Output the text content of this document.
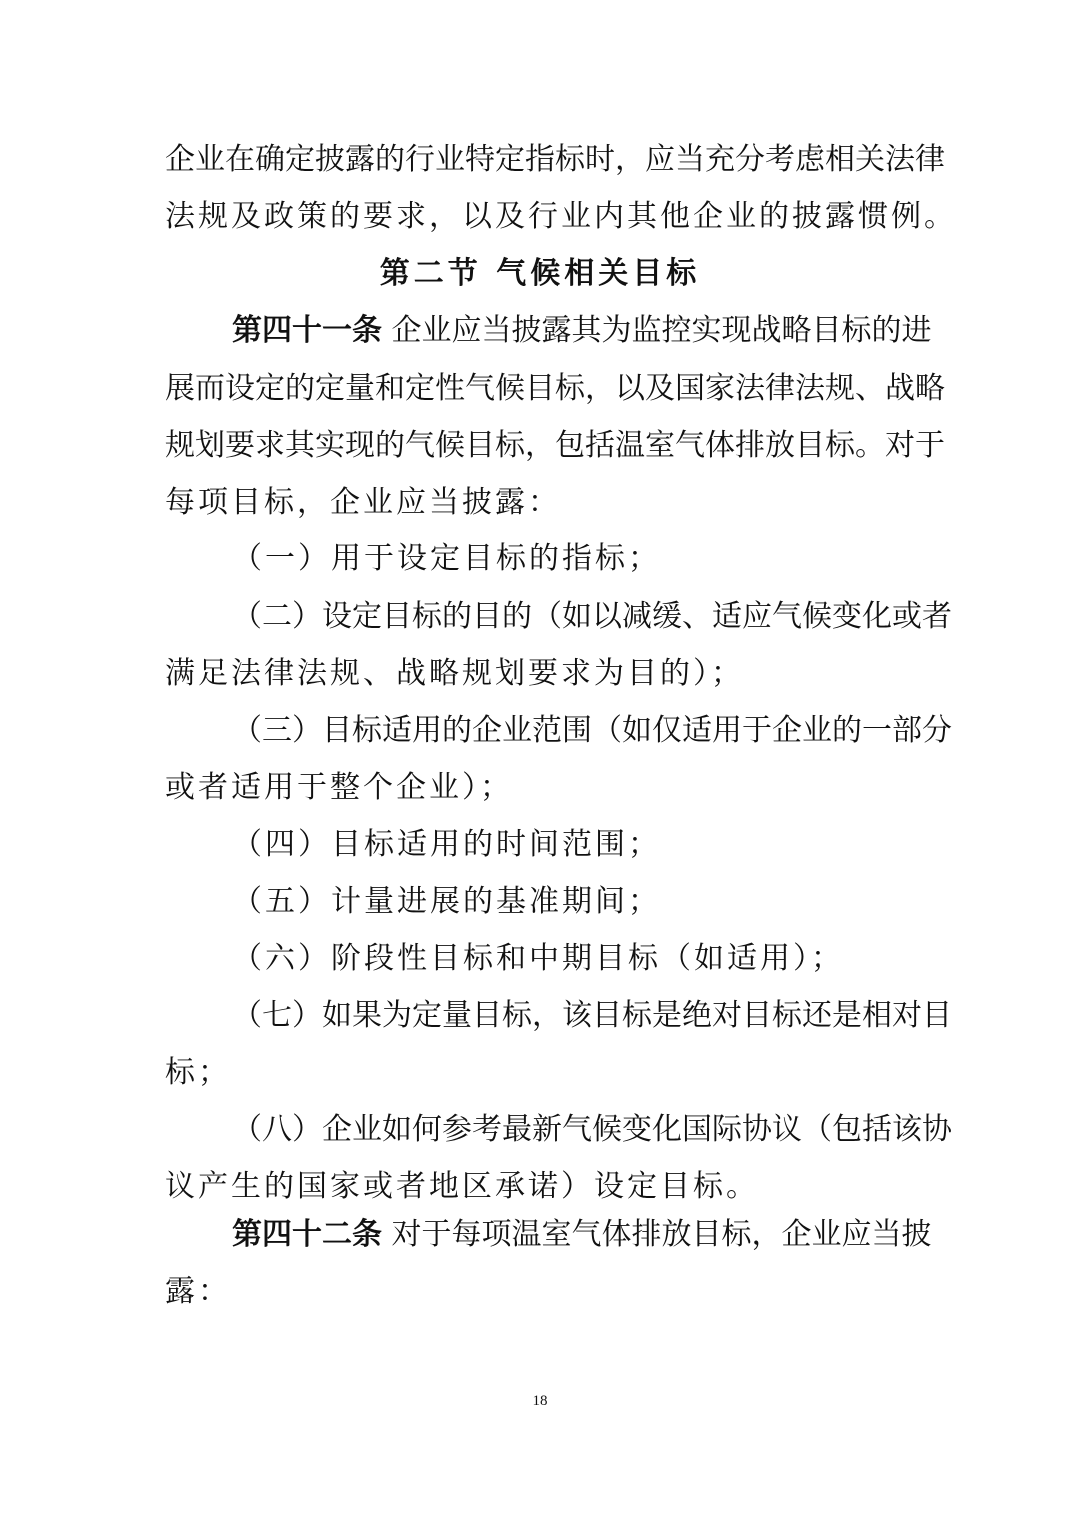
企业在确定披露的行业特定指标时，应当充分考虑相关法律
法规及政策的要求，以及行业内其他企业的披露惯例。
第二节 气候相关目标
第四十一条 企业应当披露其为监控实现战略目标的进
展而设定的定量和定性气候目标，以及国家法律法规、战略
规划要求其实现的气候目标，包括温室气体排放目标。对于
每项目标，企业应当披露：
（一）用于设定目标的指标；
（二）设定目标的目的（如以减缓、适应气候变化或者
满足法律法规、战略规划要求为目的）；
（三）目标适用的企业范围（如仅适用于企业的一部分
或者适用于整个企业）；
（四）目标适用的时间范围；
（五）计量进展的基准期间；
（六）阶段性目标和中期目标（如适用）；
（七）如果为定量目标，该目标是绝对目标还是相对目
标；
（八）企业如何参考最新气候变化国际协议（包括该协
议产生的国家或者地区承诺）设定目标。
第四十二条 对于每项温室气体排放目标，企业应当披
露：
18
